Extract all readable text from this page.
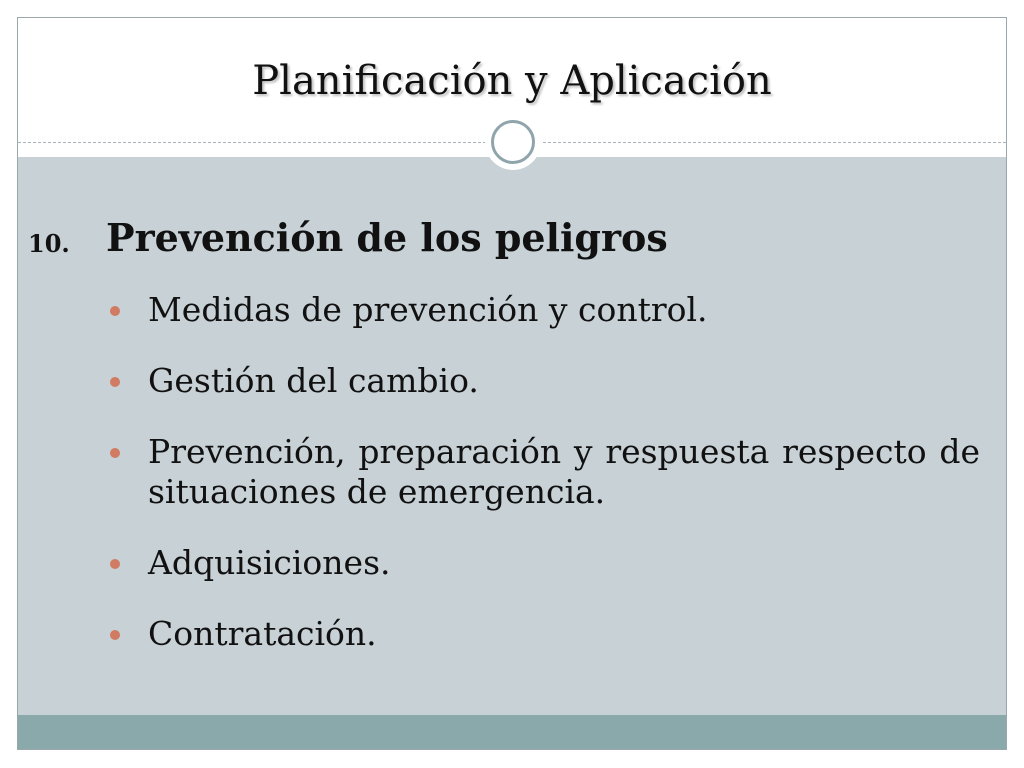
Planificación y Aplicación
10. Prevención de los peligros
Medidas de prevención y control.
Gestión del cambio.
Prevención, preparación y respuesta respecto de situaciones de emergencia.
Adquisiciones.
Contratación.
